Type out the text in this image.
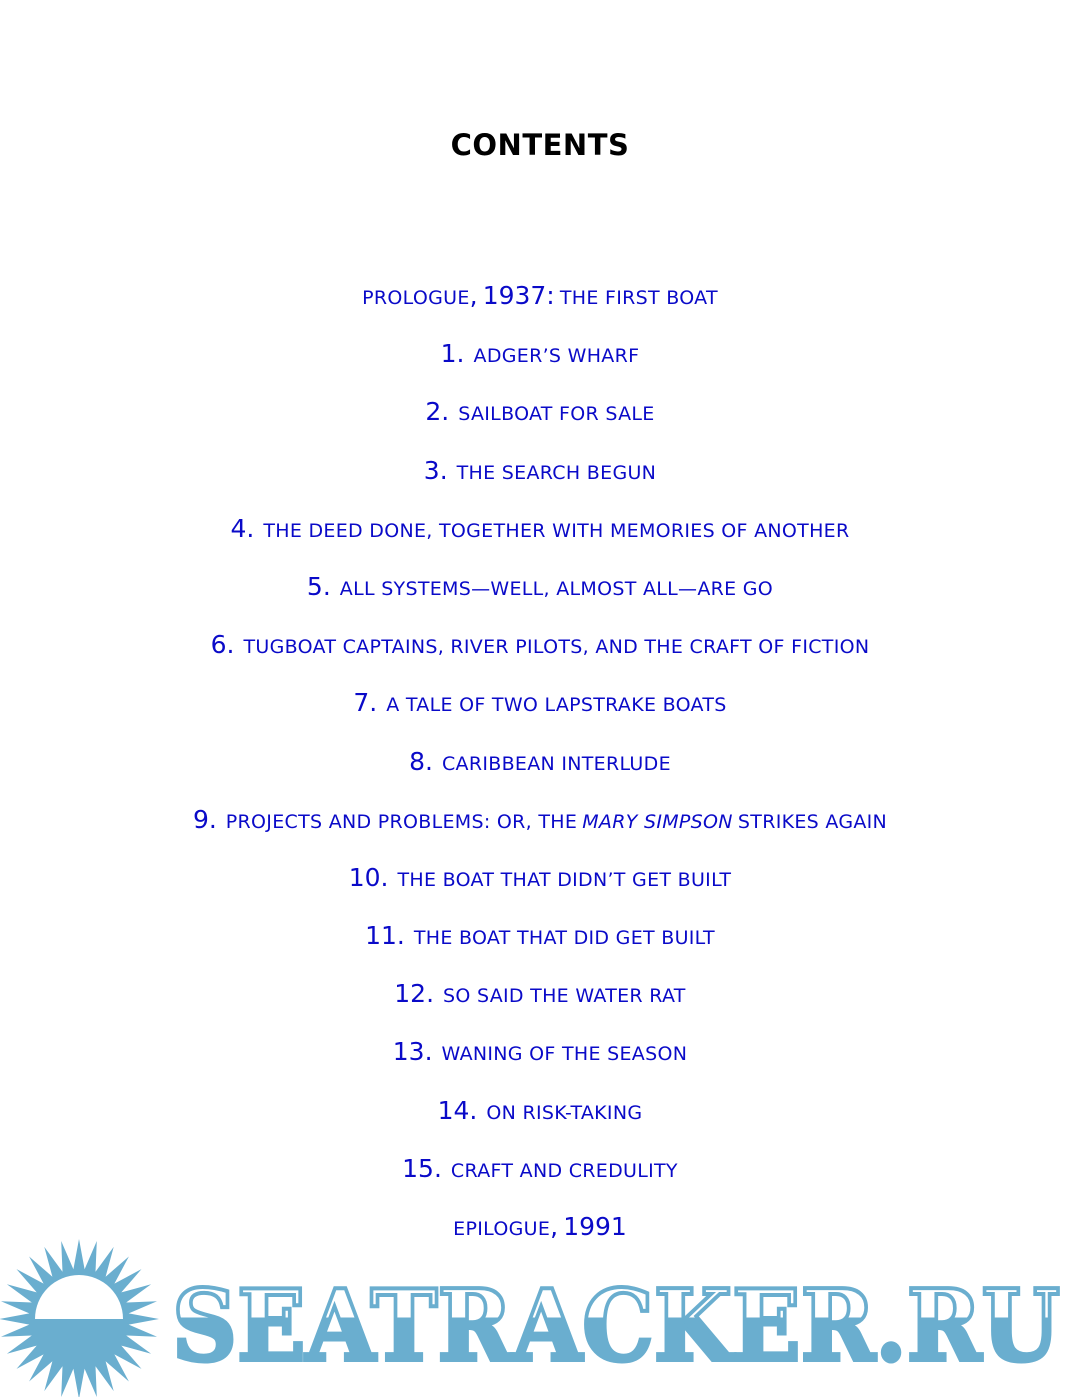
CONTENTS
PROLOGUE, 1937: THE FIRST BOAT
1. ADGER’S WHARF
2. SAILBOAT FOR SALE
3. THE SEARCH BEGUN
4. THE DEED DONE, TOGETHER WITH MEMORIES OF ANOTHER
5. ALL SYSTEMS—WELL, ALMOST ALL—ARE GO
6. TUGBOAT CAPTAINS, RIVER PILOTS, AND THE CRAFT OF FICTION
7. A TALE OF TWO LAPSTRAKE BOATS
8. CARIBBEAN INTERLUDE
9. PROJECTS AND PROBLEMS: OR, THE MARY SIMPSON STRIKES AGAIN
10. THE BOAT THAT DIDN’T GET BUILT
11. THE BOAT THAT DID GET BUILT
12. SO SAID THE WATER RAT
13. WANING OF THE SEASON
14. ON RISK-TAKING
15. CRAFT AND CREDULITY
EPILOGUE, 1991
SEATRACKER.RU
